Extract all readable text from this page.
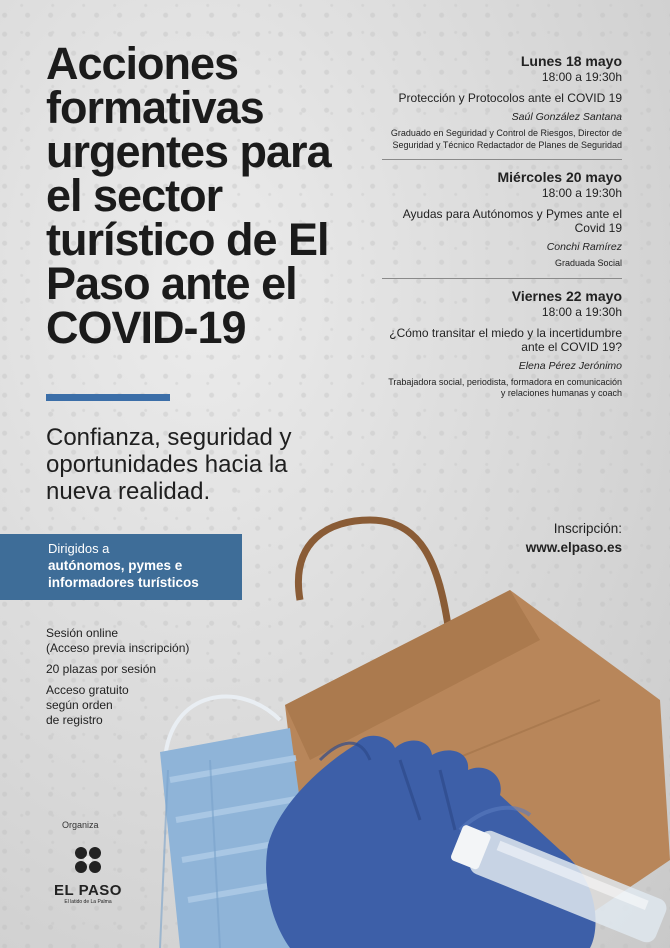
Acciones formativas urgentes para el sector turístico de El Paso ante el COVID-19
Confianza, seguridad y oportunidades hacia la nueva realidad.
Dirigidos a
autónomos, pymes e
informadores turísticos

Sesión online
(Acceso previa inscripción)

20 plazas por sesión

Acceso gratuito
según orden
de registro

Organiza
EL PASO
El latido de La Palma
Lunes 18 mayo
18:00 a 19:30h
Protección y Protocolos ante el COVID 19
Saúl González Santana
Graduado en Seguridad y Control de Riesgos, Director de Seguridad y Técnico Redactador de Planes de Seguridad
Miércoles 20 mayo
18:00 a 19:30h
Ayudas para Autónomos y Pymes ante el Covid 19
Conchi Ramírez
Graduada Social
Viernes 22 mayo
18:00 a 19:30h
¿Cómo transitar el miedo y la incertidumbre ante el COVID 19?
Elena Pérez Jerónimo
Trabajadora social, periodista, formadora en comunicación y relaciones humanas y coach
Inscripción:
www.elpaso.es
